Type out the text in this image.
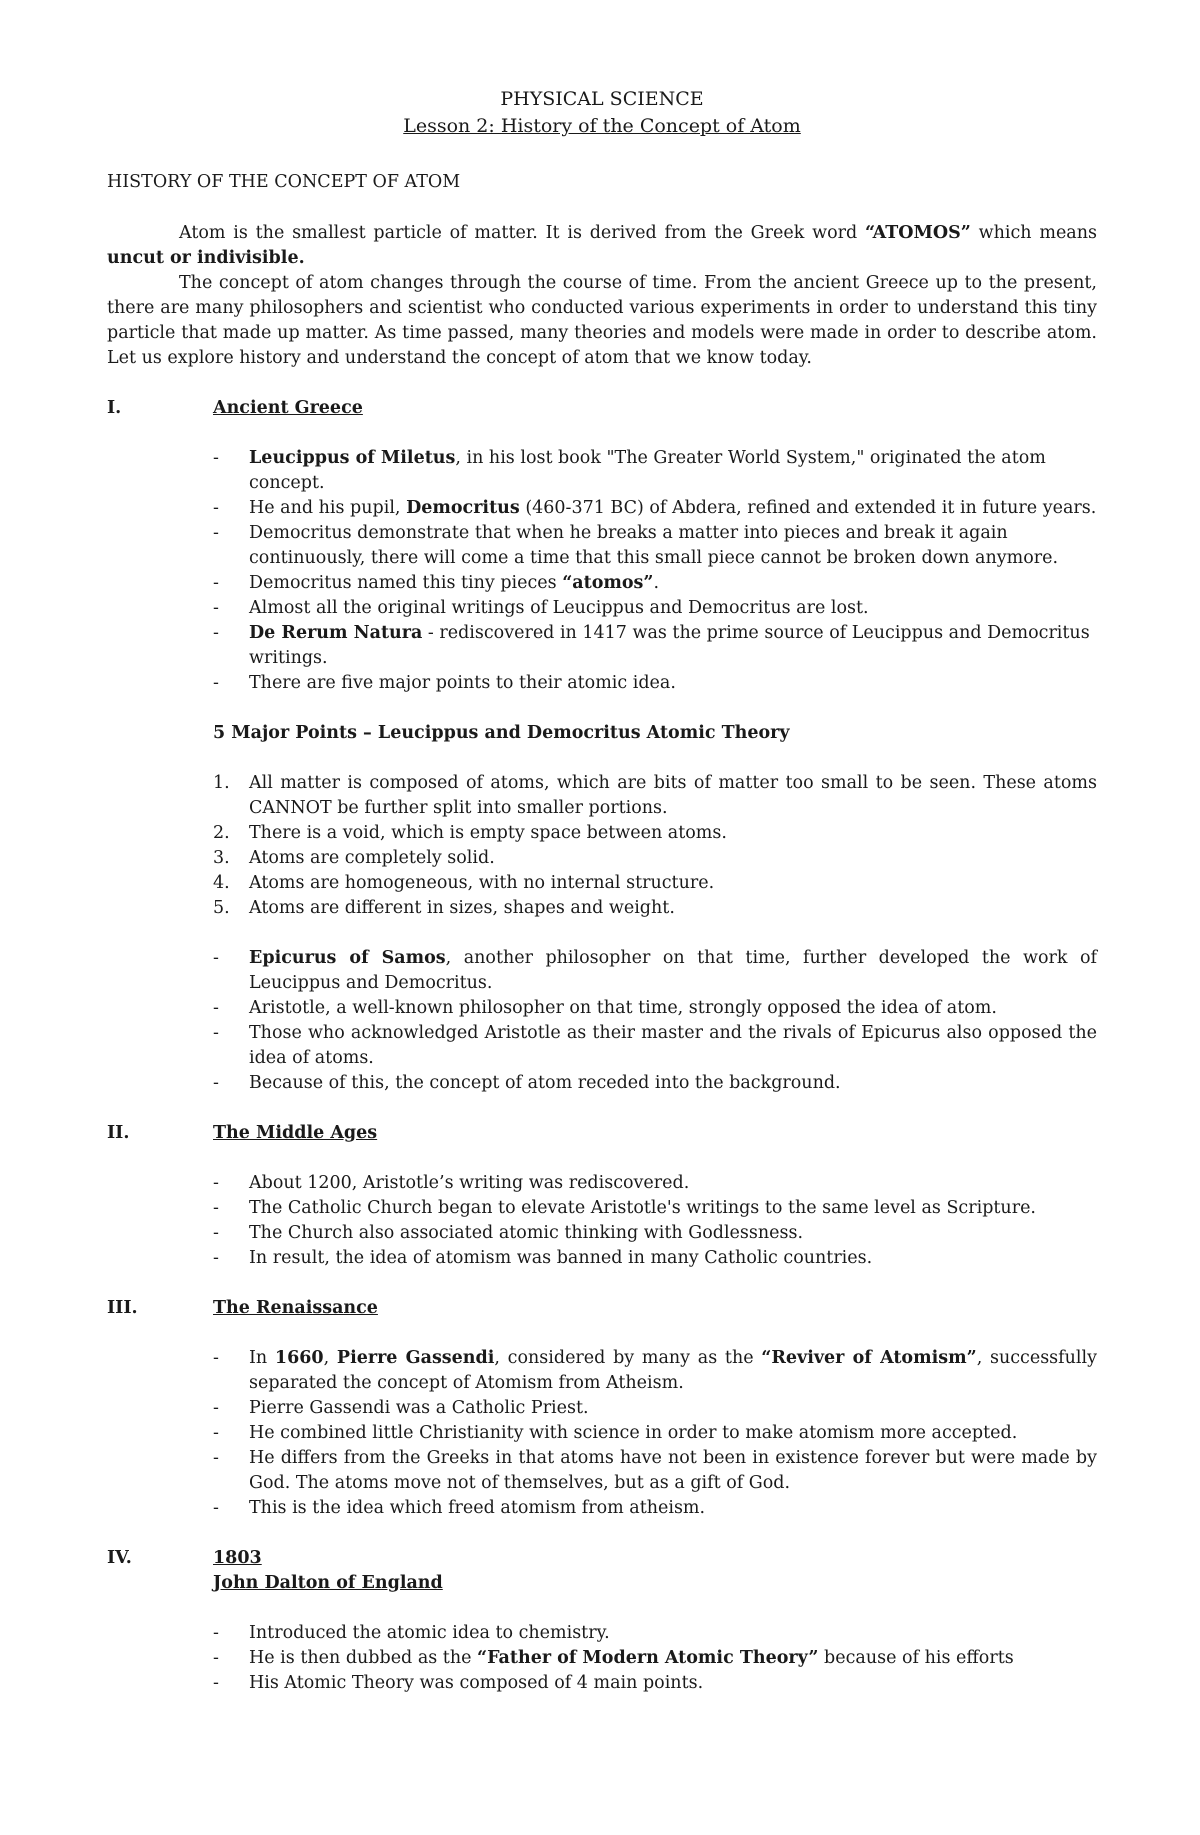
PHYSICAL SCIENCE
Lesson 2: History of the Concept of Atom
HISTORY OF THE CONCEPT OF ATOM
Atom is the smallest particle of matter. It is derived from the Greek word “ATOMOS” which means uncut or indivisible.
The concept of atom changes through the course of time. From the ancient Greece up to the present, there are many philosophers and scientist who conducted various experiments in order to understand this tiny particle that made up matter. As time passed, many theories and models were made in order to describe atom. Let us explore history and understand the concept of atom that we know today.
I.	Ancient Greece
-	Leucippus of Miletus, in his lost book "The Greater World System," originated the atom concept.
-	He and his pupil, Democritus (460-371 BC) of Abdera, refined and extended it in future years.
-	Democritus demonstrate that when he breaks a matter into pieces and break it again continuously, there will come a time that this small piece cannot be broken down anymore.
-	Democritus named this tiny pieces “atomos”.
-	Almost all the original writings of Leucippus and Democritus are lost.
-	De Rerum Natura - rediscovered in 1417 was the prime source of Leucippus and Democritus writings.
-	There are five major points to their atomic idea.
5 Major Points – Leucippus and Democritus Atomic Theory
1.	All matter is composed of atoms, which are bits of matter too small to be seen. These atoms CANNOT be further split into smaller portions.
2.	There is a void, which is empty space between atoms.
3.	Atoms are completely solid.
4.	Atoms are homogeneous, with no internal structure.
5.	Atoms are different in sizes, shapes and weight.
-	Epicurus of Samos, another philosopher on that time, further developed the work of Leucippus and Democritus.
-	Aristotle, a well-known philosopher on that time, strongly opposed the idea of atom.
-	Those who acknowledged Aristotle as their master and the rivals of Epicurus also opposed the idea of atoms.
-	Because of this, the concept of atom receded into the background.
II.	The Middle Ages
-	About 1200, Aristotle’s writing was rediscovered.
-	The Catholic Church began to elevate Aristotle's writings to the same level as Scripture.
-	The Church also associated atomic thinking with Godlessness.
-	In result, the idea of atomism was banned in many Catholic countries.
III.	The Renaissance
-	In 1660, Pierre Gassendi, considered by many as the “Reviver of Atomism”, successfully separated the concept of Atomism from Atheism.
-	Pierre Gassendi was a Catholic Priest.
-	He combined little Christianity with science in order to make atomism more accepted.
-	He differs from the Greeks in that atoms have not been in existence forever but were made by God. The atoms move not of themselves, but as a gift of God.
-	This is the idea which freed atomism from atheism.
IV.	1803
John Dalton of England
-	Introduced the atomic idea to chemistry.
-	He is then dubbed as the “Father of Modern Atomic Theory” because of his efforts
-	His Atomic Theory was composed of 4 main points.
